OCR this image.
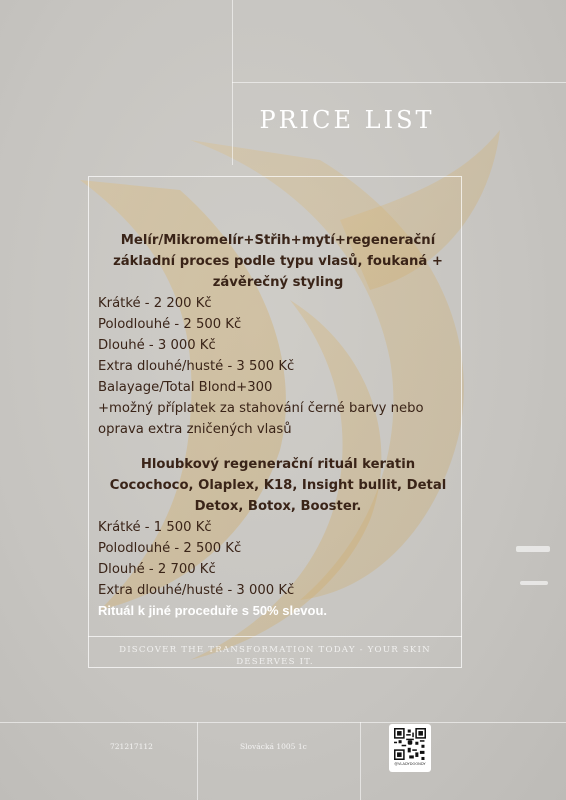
PRICE LIST

Melír/Mikromelír+Střih+mytí+regenerační základní proces podle typu vlasů, foukaná + závěrečný styling

Krátké - 2 200 Kč

Polodlouhé - 2 500 Kč

Dlouhé - 3 000 Kč

Extra dlouhé/husté - 3 500 Kč

Balayage/Total Blond+300

+možný příplatek za stahování černé barvy nebo oprava extra zničených vlasů

Hloubkový regenerační rituál keratin Cocochoco, Olaplex, K18, Insight bullit, Detal Detox, Botox, Booster.

Krátké - 1 500 Kč

Polodlouhé - 2 500 Kč

Dlouhé - 2 700 Kč

Extra dlouhé/husté - 3 000 Kč

Rituál k jiné proceduře s 50% slevou.

DISCOVER THE TRANSFORMATION TODAY - YOUR SKIN DESERVES IT.
721217112	Slovácká 1005 1c
@VLADYDOONDY
